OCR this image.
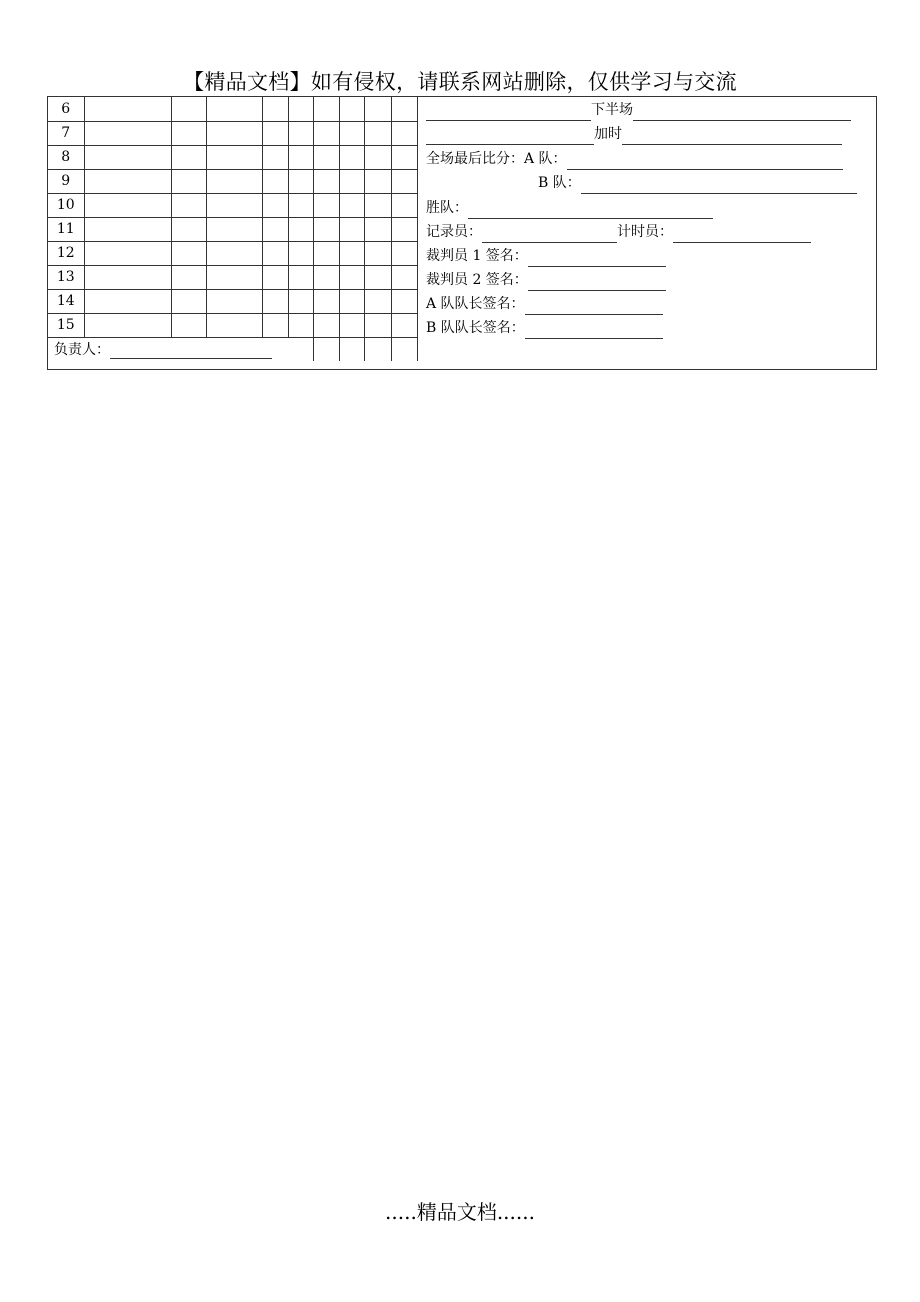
【精品文档】如有侵权，请联系网站删除，仅供学习与交流
6									
7									
8									
9									
10									
11									
12									
13									
14									
15									
负责人：									
下半场
加时
全场最后比分：A 队：
B 队：
胜队：
记录员：	计时员：
裁判员 1 签名：
裁判员 2 签名：
A 队队长签名：
B 队队长签名：
.....精品文档......
